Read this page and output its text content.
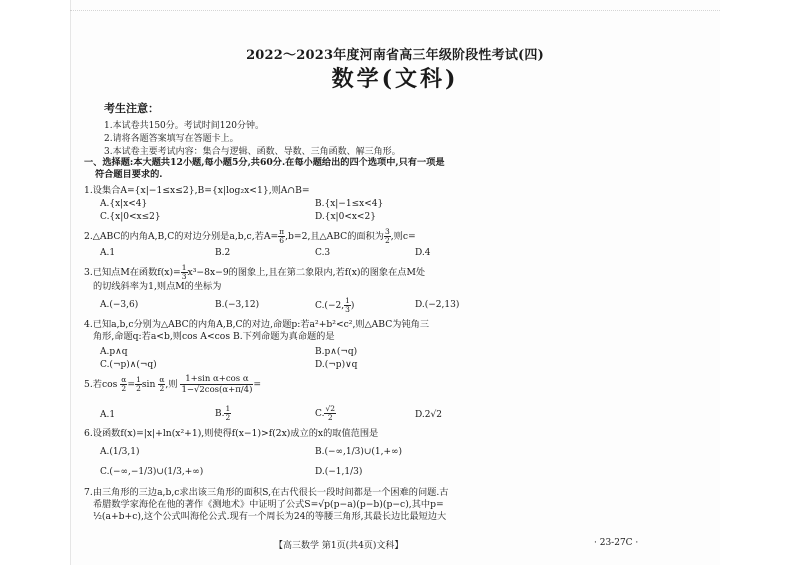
2022～2023年度河南省高三年级阶段性考试(四)
数学(文科)
考生注意：
1.本试卷共150分。考试时间120分钟。
2.请将各题答案填写在答题卡上。
3.本试卷主要考试内容：集合与逻辑、函数、导数、三角函数、解三角形。
一、选择题:本大题共12小题,每小题5分,共60分.在每小题给出的四个选项中,只有一项是
符合题目要求的.
1.设集合A={x|−1≤x≤2},B={x|log₂x<1},则A∩B=
A.{x|x<4}	B.{x|−1≤x<4}
C.{x|0<x≤2}	D.{x|0<x<2}
2.△ABC的内角A,B,C的对边分别是a,b,c,若$A= \frac{\pi}{6} ,b=2$,且△ABC的面积为 $\frac{3}{2}$ ,则c=
A.1	B.2	C.3	D.4
3.已知点M在函数$f(x)= \frac{1}{3} x^3-8x-9$的图象上,且在第二象限内,若f(x)的图象在点M处
的切线斜率为1,则点M的坐标为
A.(−3,6)	B.(−3,12)	C.(−2, $\frac{1}{3}$ )	D.(−2,13)
4.已知a,b,c分别为△ABC的内角A,B,C的对边,命题p:若a²+b²<c²,则△ABC为钝角三
角形,命题q:若a<b,则cos A<cos B.下列命题为真命题的是
A.p∧q	B.p∧(¬q)
C.(¬p)∧(¬q)	D.(¬p)∨q
5.若$\cos \frac{\alpha}{2} = \frac{1}{2}$ $\sin \frac{\alpha}{2}$ ,则 $\frac{\text{1+sin α+cos α}}{1-√2\cos(\alpha+\pi/4)}$ =
A.1	B. $\frac{1}{2}$	C. $\frac{√2}{2}$	D.2√2
6.设函数f(x)=|x|+ln(x²+1),则使得f(x−1)>f(2x)成立的x的取值范围是
A.(1/3,1)	B.(−∞,1/3)∪(1,+∞)
C.(−∞,−1/3)∪(1/3,+∞)	D.(−1,1/3)
7.由三角形的三边a,b,c求出该三角形的面积S,在古代很长一段时间都是一个困难的问题.古
希腊数学家海伦在他的著作《测地术》中证明了公式S=√p(p−a)(p−b)(p−c),其中p=
½(a+b+c),这个公式叫海伦公式.现有一个周长为24的等腰三角形,其最长边比最短边大
【高三数学 第1页(共4页)文科】	· 23-27C ·
